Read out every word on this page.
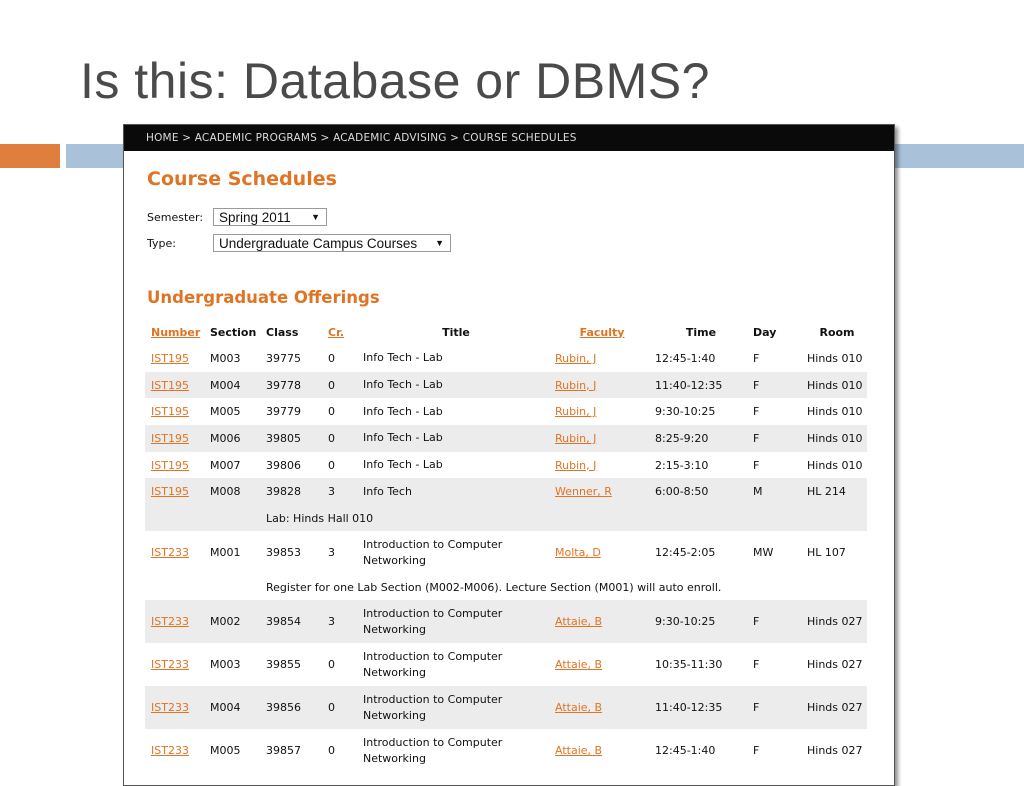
Is this: Database or DBMS?
HOME > ACADEMIC PROGRAMS > ACADEMIC ADVISING > COURSE SCHEDULES
Course Schedules
Semester:	Spring 2011 ▼
Type:	Undergraduate Campus Courses ▼
Undergraduate Offerings
Number	Section	Class	Cr.	Title	Faculty	Time	Day	Room
IST195	M003	39775	0	Info Tech - Lab	Rubin, J	12:45-1:40	F	Hinds 010
IST195	M004	39778	0	Info Tech - Lab	Rubin, J	11:40-12:35	F	Hinds 010
IST195	M005	39779	0	Info Tech - Lab	Rubin, J	9:30-10:25	F	Hinds 010
IST195	M006	39805	0	Info Tech - Lab	Rubin, J	8:25-9:20	F	Hinds 010
IST195	M007	39806	0	Info Tech - Lab	Rubin, J	2:15-3:10	F	Hinds 010
IST195	M008	39828	3	Info Tech	Wenner, R	6:00-8:50	M	HL 214
		Lab: Hinds Hall 010						
IST233	M001	39853	3	Introduction to Computer Networking	Molta, D	12:45-2:05	MW	HL 107
		Register for one Lab Section (M002-M006). Lecture Section (M001) will auto enroll.						
IST233	M002	39854	3	Introduction to Computer Networking	Attaie, B	9:30-10:25	F	Hinds 027
IST233	M003	39855	0	Introduction to Computer Networking	Attaie, B	10:35-11:30	F	Hinds 027
IST233	M004	39856	0	Introduction to Computer Networking	Attaie, B	11:40-12:35	F	Hinds 027
IST233	M005	39857	0	Introduction to Computer Networking	Attaie, B	12:45-1:40	F	Hinds 027
